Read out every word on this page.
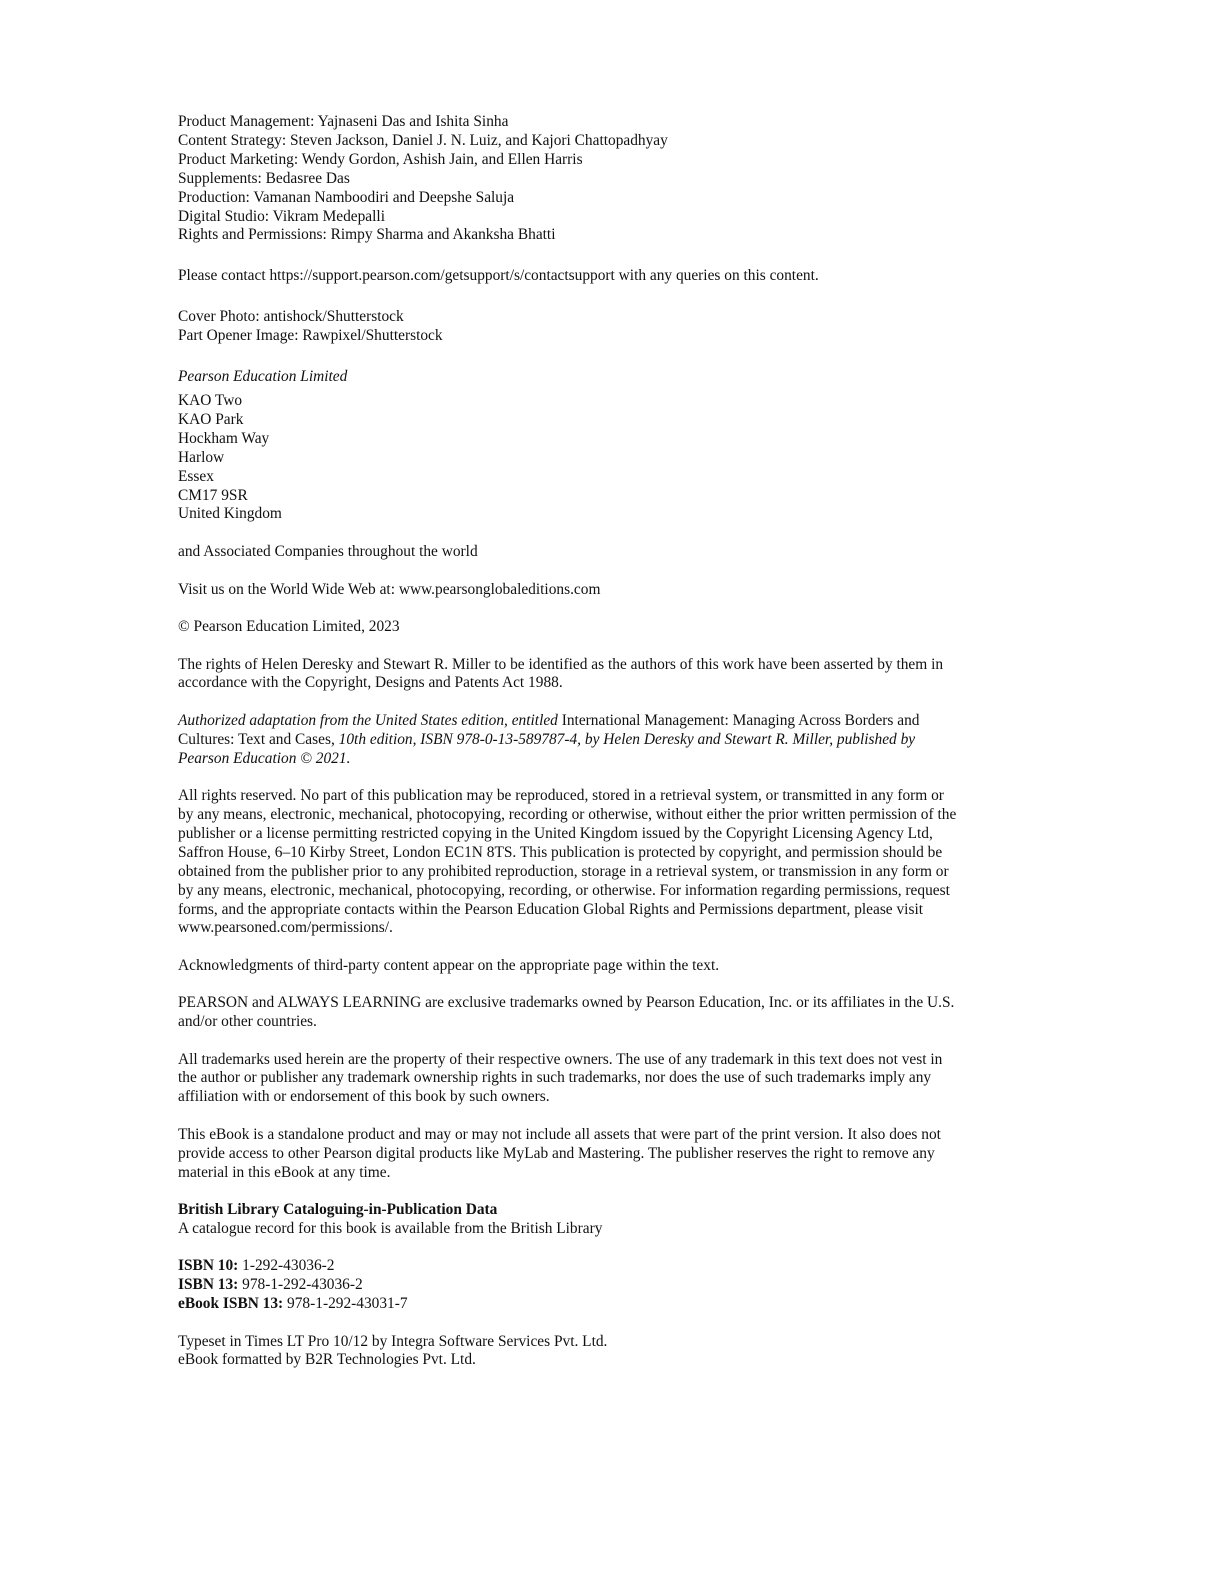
Product Management: Yajnaseni Das and Ishita Sinha
Content Strategy: Steven Jackson, Daniel J. N. Luiz, and Kajori Chattopadhyay
Product Marketing: Wendy Gordon, Ashish Jain, and Ellen Harris
Supplements: Bedasree Das
Production: Vamanan Namboodiri and Deepshe Saluja
Digital Studio: Vikram Medepalli
Rights and Permissions: Rimpy Sharma and Akanksha Bhatti
Please contact https://support.pearson.com/getsupport/s/contactsupport with any queries on this content.
Cover Photo: antishock/Shutterstock
Part Opener Image: Rawpixel/Shutterstock
Pearson Education Limited
KAO Two
KAO Park
Hockham Way
Harlow
Essex
CM17 9SR
United Kingdom
and Associated Companies throughout the world
Visit us on the World Wide Web at: www.pearsonglobaleditions.com
© Pearson Education Limited, 2023
The rights of Helen Deresky and Stewart R. Miller to be identified as the authors of this work have been asserted by them in
accordance with the Copyright, Designs and Patents Act 1988.
Authorized adaptation from the United States edition, entitled International Management: Managing Across Borders and
Cultures: Text and Cases, 10th edition, ISBN 978-0-13-589787-4, by Helen Deresky and Stewart R. Miller, published by
Pearson Education © 2021.
All rights reserved. No part of this publication may be reproduced, stored in a retrieval system, or transmitted in any form or
by any means, electronic, mechanical, photocopying, recording or otherwise, without either the prior written permission of the
publisher or a license permitting restricted copying in the United Kingdom issued by the Copyright Licensing Agency Ltd,
Saffron House, 6–10 Kirby Street, London EC1N 8TS. This publication is protected by copyright, and permission should be
obtained from the publisher prior to any prohibited reproduction, storage in a retrieval system, or transmission in any form or
by any means, electronic, mechanical, photocopying, recording, or otherwise. For information regarding permissions, request
forms, and the appropriate contacts within the Pearson Education Global Rights and Permissions department, please visit
www.pearsoned.com/permissions/.
Acknowledgments of third-party content appear on the appropriate page within the text.
PEARSON and ALWAYS LEARNING are exclusive trademarks owned by Pearson Education, Inc. or its affiliates in the U.S.
and/or other countries.
All trademarks used herein are the property of their respective owners. The use of any trademark in this text does not vest in
the author or publisher any trademark ownership rights in such trademarks, nor does the use of such trademarks imply any
affiliation with or endorsement of this book by such owners.
This eBook is a standalone product and may or may not include all assets that were part of the print version. It also does not
provide access to other Pearson digital products like MyLab and Mastering. The publisher reserves the right to remove any
material in this eBook at any time.
British Library Cataloguing-in-Publication Data
A catalogue record for this book is available from the British Library
ISBN 10: 1-292-43036-2
ISBN 13: 978-1-292-43036-2
eBook ISBN 13: 978-1-292-43031-7
Typeset in Times LT Pro 10/12 by Integra Software Services Pvt. Ltd.
eBook formatted by B2R Technologies Pvt. Ltd.
